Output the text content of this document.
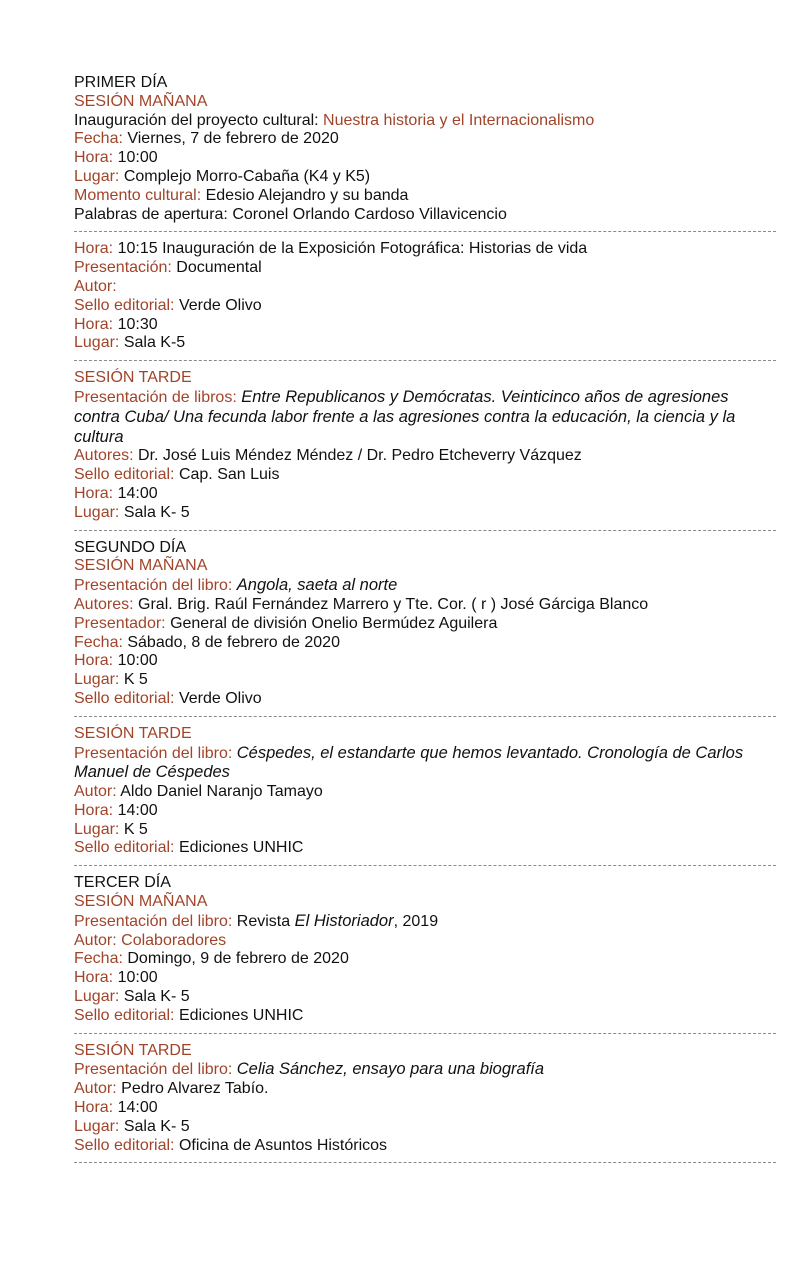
PRIMER DÍA
SESIÓN MAÑANA
Inauguración del proyecto cultural: Nuestra historia y el Internacionalismo
Fecha: Viernes, 7 de febrero de 2020
Hora: 10:00
Lugar: Complejo Morro-Cabaña (K4 y K5)
Momento cultural: Edesio Alejandro y su banda
Palabras de apertura: Coronel Orlando Cardoso Villavicencio
Hora: 10:15 Inauguración de la Exposición Fotográfica: Historias de vida
Presentación: Documental
Autor:
Sello editorial: Verde Olivo
Hora: 10:30
Lugar: Sala K-5
SESIÓN TARDE
Presentación de libros: Entre Republicanos y Demócratas. Veinticinco años de agresiones contra Cuba/ Una fecunda labor frente a las agresiones contra la educación, la ciencia y la cultura
Autores: Dr. José Luis Méndez Méndez / Dr. Pedro Etcheverry Vázquez
Sello editorial: Cap. San Luis
Hora: 14:00
Lugar: Sala K- 5
SEGUNDO DÍA
SESIÓN MAÑANA
Presentación del libro: Angola, saeta al norte
Autores: Gral. Brig. Raúl Fernández Marrero y Tte. Cor. ( r ) José Gárciga Blanco
Presentador: General de división Onelio Bermúdez Aguilera
Fecha: Sábado, 8 de febrero de 2020
Hora: 10:00
Lugar: K 5
Sello editorial: Verde Olivo
SESIÓN TARDE
Presentación del libro: Céspedes, el estandarte que hemos levantado. Cronología de Carlos Manuel de Céspedes
Autor: Aldo Daniel Naranjo Tamayo
Hora: 14:00
Lugar: K 5
Sello editorial: Ediciones UNHIC
TERCER DÍA
SESIÓN MAÑANA
Presentación del libro: Revista El Historiador, 2019
Autor: Colaboradores
Fecha: Domingo, 9 de febrero de 2020
Hora: 10:00
Lugar: Sala K- 5
Sello editorial: Ediciones UNHIC
SESIÓN TARDE
Presentación del libro: Celia Sánchez, ensayo para una biografía
Autor: Pedro Alvarez Tabío.
Hora: 14:00
Lugar: Sala K- 5
Sello editorial: Oficina de Asuntos Históricos
